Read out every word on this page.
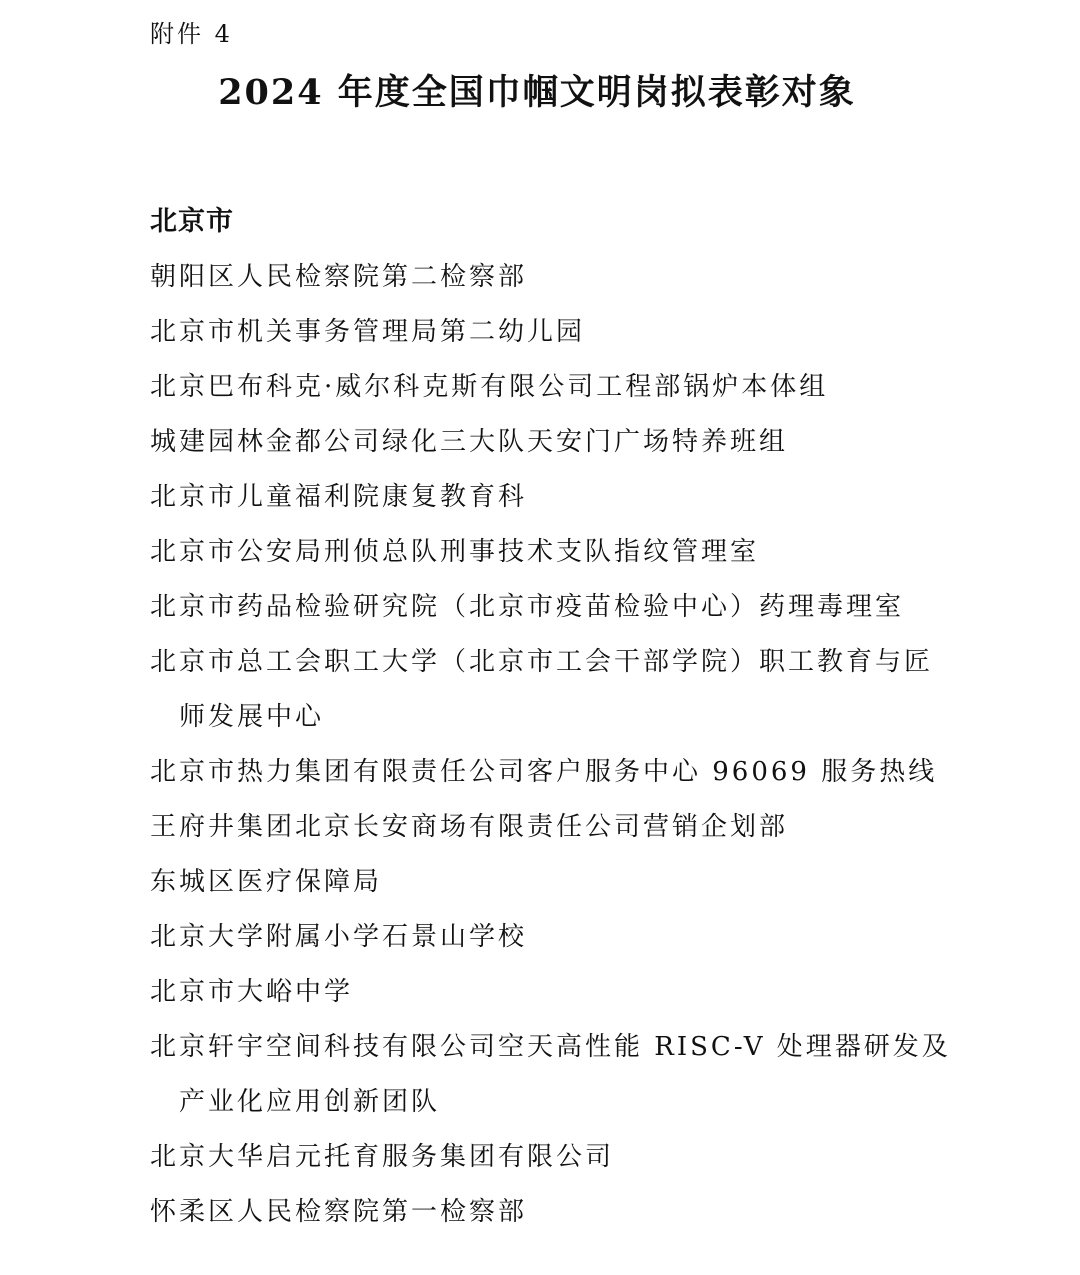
附件 4
2024 年度全国巾帼文明岗拟表彰对象
北京市
朝阳区人民检察院第二检察部
北京市机关事务管理局第二幼儿园
北京巴布科克·威尔科克斯有限公司工程部锅炉本体组
城建园林金都公司绿化三大队天安门广场特养班组
北京市儿童福利院康复教育科
北京市公安局刑侦总队刑事技术支队指纹管理室
北京市药品检验研究院（北京市疫苗检验中心）药理毒理室
北京市总工会职工大学（北京市工会干部学院）职工教育与匠
师发展中心
北京市热力集团有限责任公司客户服务中心 96069 服务热线
王府井集团北京长安商场有限责任公司营销企划部
东城区医疗保障局
北京大学附属小学石景山学校
北京市大峪中学
北京轩宇空间科技有限公司空天高性能 RISC-V 处理器研发及
产业化应用创新团队
北京大华启元托育服务集团有限公司
怀柔区人民检察院第一检察部
